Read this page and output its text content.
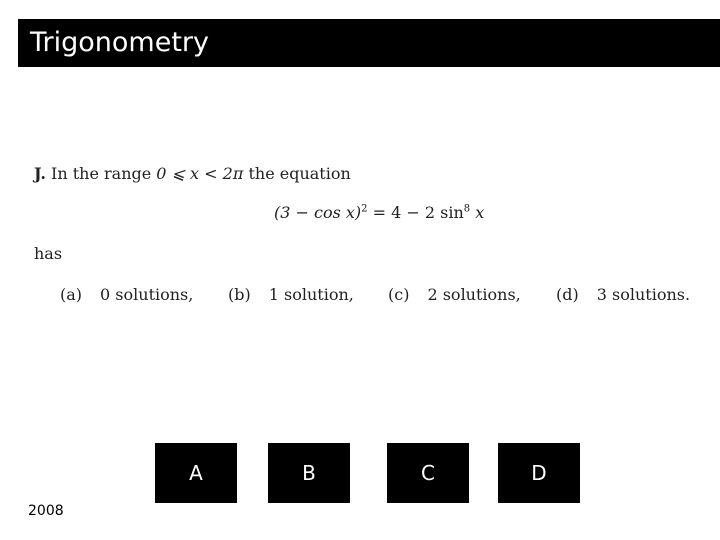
Trigonometry
J. In the range 0 ⩽ x < 2π the equation
$(3 - \cos x)^2 = 4 - 2$ $\sin^8 x$
has
(a) 0 solutions, (b) 1 solution, (c) 2 solutions, (d) 3 solutions.
A	B	C	D
2008
